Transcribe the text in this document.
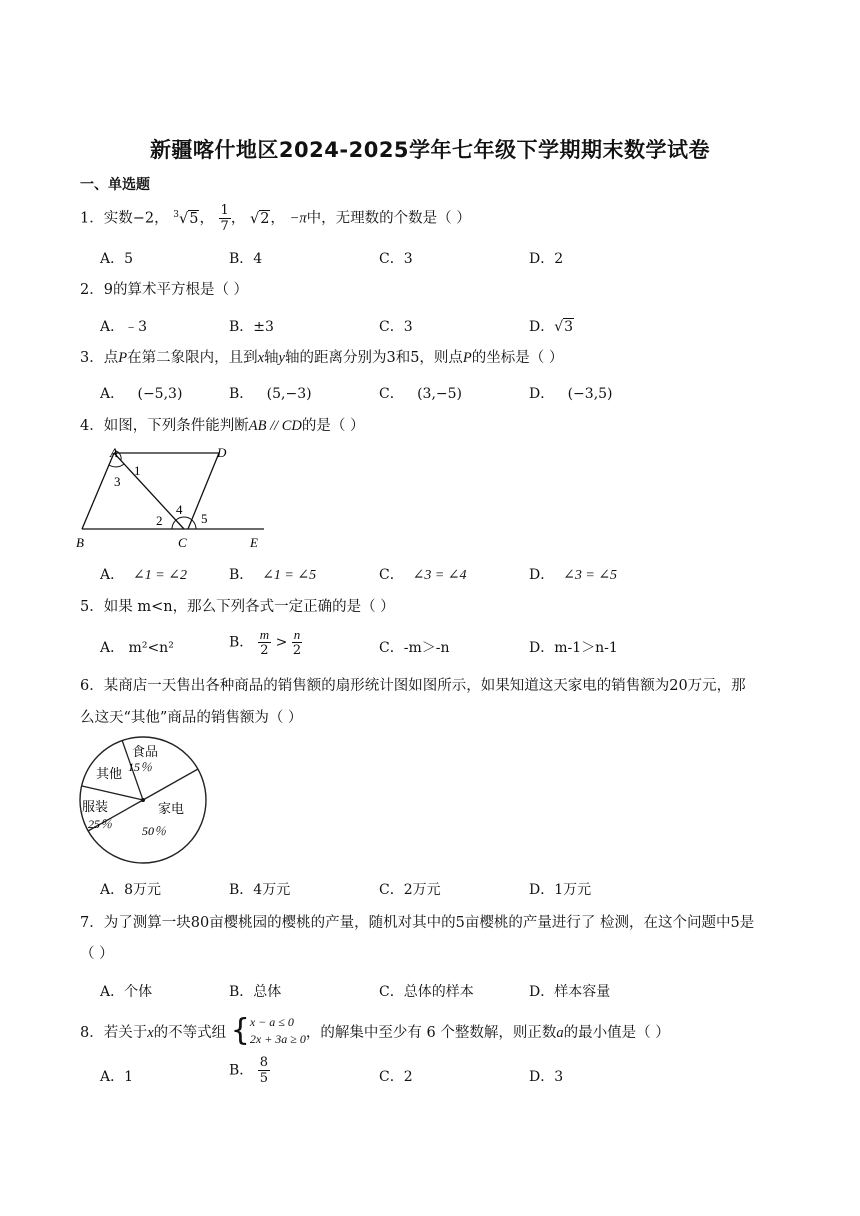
新疆喀什地区2024-2025学年七年级下学期期末数学试卷
一、单选题
1．实数−2， $^3$√5， $\frac{1}{7}$ ， √2， −π中，无理数的个数是（ ）
A．5	B．4	C．3	D．2
2．9的算术平方根是（ ）
A．﹣3	B．±3	C．3	D．√3
3．点P在第二象限内，且到x轴y轴的距离分别为3和5，则点P的坐标是（ ）
A． (−5,3)	B． (5,−3)	C． (3,−5)	D． (−3,5)
4．如图，下列条件能判断AB // CD的是（ ）
A	D
B	C	E
1
3
2
4
5
A． ∠1 = ∠2	B． ∠1 = ∠5	C． ∠3 = ∠4	D． ∠3 = ∠5
5．如果 m<n，那么下列各式一定正确的是（ ）
A． m²<n²	B． $\frac{m}{2} > \frac{n}{2}$	C．-m＞-n	D．m-1＞n-1
6．某商店一天售出各种商品的销售额的扇形统计图如图所示，如果知道这天家电的销售额为20万元，那
么这天“其他”商品的销售额为（ ）
食品
15％
其他
服装
25％
家电
50％
A．8万元	B．4万元	C．2万元	D．1万元
7．为了测算一块80亩樱桃园的樱桃的产量，随机对其中的5亩樱桃的产量进行了 检测，在这个问题中5是
（ ）
A．个体	B．总体	C．总体的样本	D．样本容量
8．若关于x的不等式组 { x − a ≤ 0
2x + 3a ≥ 0 ，的解集中至少有 6 个整数解，则正数a的最小值是（ ）
A．1	B． $\frac{8}{5}$	C．2	D．3
